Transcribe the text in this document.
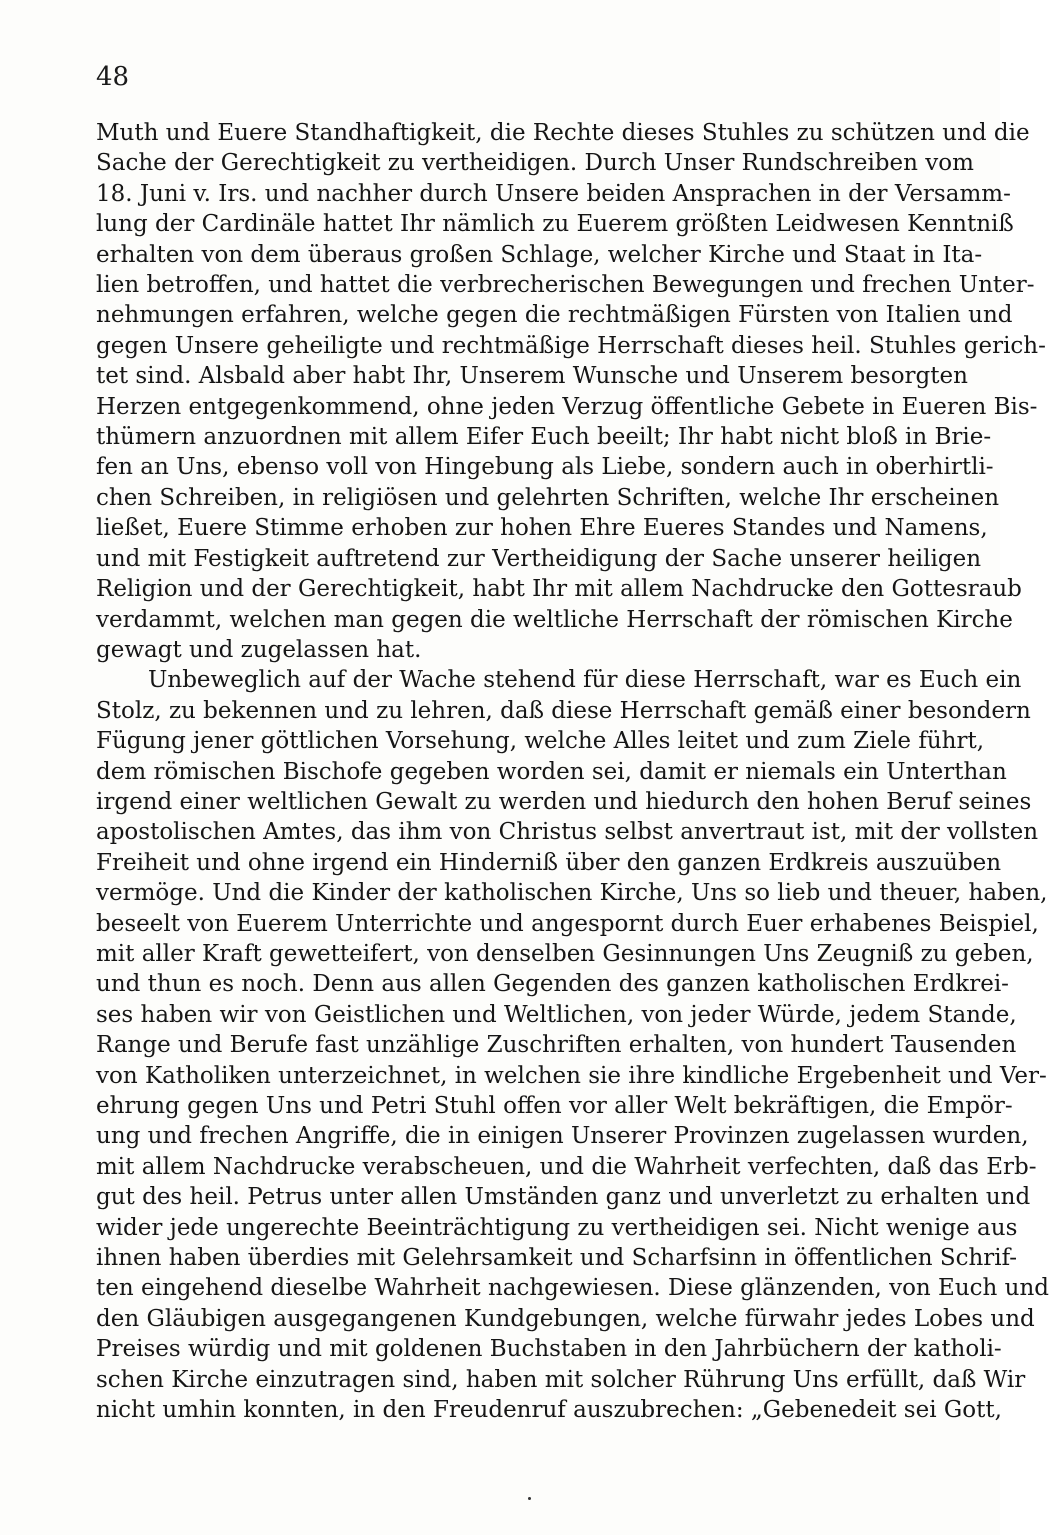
48
Muth und Euere Standhaftigkeit, die Rechte dieses Stuhles zu schützen und die
Sache der Gerechtigkeit zu vertheidigen. Durch Unser Rundschreiben vom
18. Juni v. Irs. und nachher durch Unsere beiden Ansprachen in der Versamm-
lung der Cardinäle hattet Ihr nämlich zu Euerem größten Leidwesen Kenntniß
erhalten von dem überaus großen Schlage, welcher Kirche und Staat in Ita-
lien betroffen, und hattet die verbrecherischen Bewegungen und frechen Unter-
nehmungen erfahren, welche gegen die rechtmäßigen Fürsten von Italien und
gegen Unsere geheiligte und rechtmäßige Herrschaft dieses heil. Stuhles gerich-
tet sind. Alsbald aber habt Ihr, Unserem Wunsche und Unserem besorgten
Herzen entgegenkommend, ohne jeden Verzug öffentliche Gebete in Eueren Bis-
thümern anzuordnen mit allem Eifer Euch beeilt; Ihr habt nicht bloß in Brie-
fen an Uns, ebenso voll von Hingebung als Liebe, sondern auch in oberhirtli-
chen Schreiben, in religiösen und gelehrten Schriften, welche Ihr erscheinen
ließet, Euere Stimme erhoben zur hohen Ehre Eueres Standes und Namens,
und mit Festigkeit auftretend zur Vertheidigung der Sache unserer heiligen
Religion und der Gerechtigkeit, habt Ihr mit allem Nachdrucke den Gottesraub
verdammt, welchen man gegen die weltliche Herrschaft der römischen Kirche
gewagt und zugelassen hat.
Unbeweglich auf der Wache stehend für diese Herrschaft, war es Euch ein
Stolz, zu bekennen und zu lehren, daß diese Herrschaft gemäß einer besondern
Fügung jener göttlichen Vorsehung, welche Alles leitet und zum Ziele führt,
dem römischen Bischofe gegeben worden sei, damit er niemals ein Unterthan
irgend einer weltlichen Gewalt zu werden und hiedurch den hohen Beruf seines
apostolischen Amtes, das ihm von Christus selbst anvertraut ist, mit der vollsten
Freiheit und ohne irgend ein Hinderniß über den ganzen Erdkreis auszuüben
vermöge. Und die Kinder der katholischen Kirche, Uns so lieb und theuer, haben,
beseelt von Euerem Unterrichte und angespornt durch Euer erhabenes Beispiel,
mit aller Kraft gewetteifert, von denselben Gesinnungen Uns Zeugniß zu geben,
und thun es noch. Denn aus allen Gegenden des ganzen katholischen Erdkrei-
ses haben wir von Geistlichen und Weltlichen, von jeder Würde, jedem Stande,
Range und Berufe fast unzählige Zuschriften erhalten, von hundert Tausenden
von Katholiken unterzeichnet, in welchen sie ihre kindliche Ergebenheit und Ver-
ehrung gegen Uns und Petri Stuhl offen vor aller Welt bekräftigen, die Empör-
ung und frechen Angriffe, die in einigen Unserer Provinzen zugelassen wurden,
mit allem Nachdrucke verabscheuen, und die Wahrheit verfechten, daß das Erb-
gut des heil. Petrus unter allen Umständen ganz und unverletzt zu erhalten und
wider jede ungerechte Beeinträchtigung zu vertheidigen sei. Nicht wenige aus
ihnen haben überdies mit Gelehrsamkeit und Scharfsinn in öffentlichen Schrif-
ten eingehend dieselbe Wahrheit nachgewiesen. Diese glänzenden, von Euch und
den Gläubigen ausgegangenen Kundgebungen, welche fürwahr jedes Lobes und
Preises würdig und mit goldenen Buchstaben in den Jahrbüchern der katholi-
schen Kirche einzutragen sind, haben mit solcher Rührung Uns erfüllt, daß Wir
nicht umhin konnten, in den Freudenruf auszubrechen: „Gebenedeit sei Gott,
